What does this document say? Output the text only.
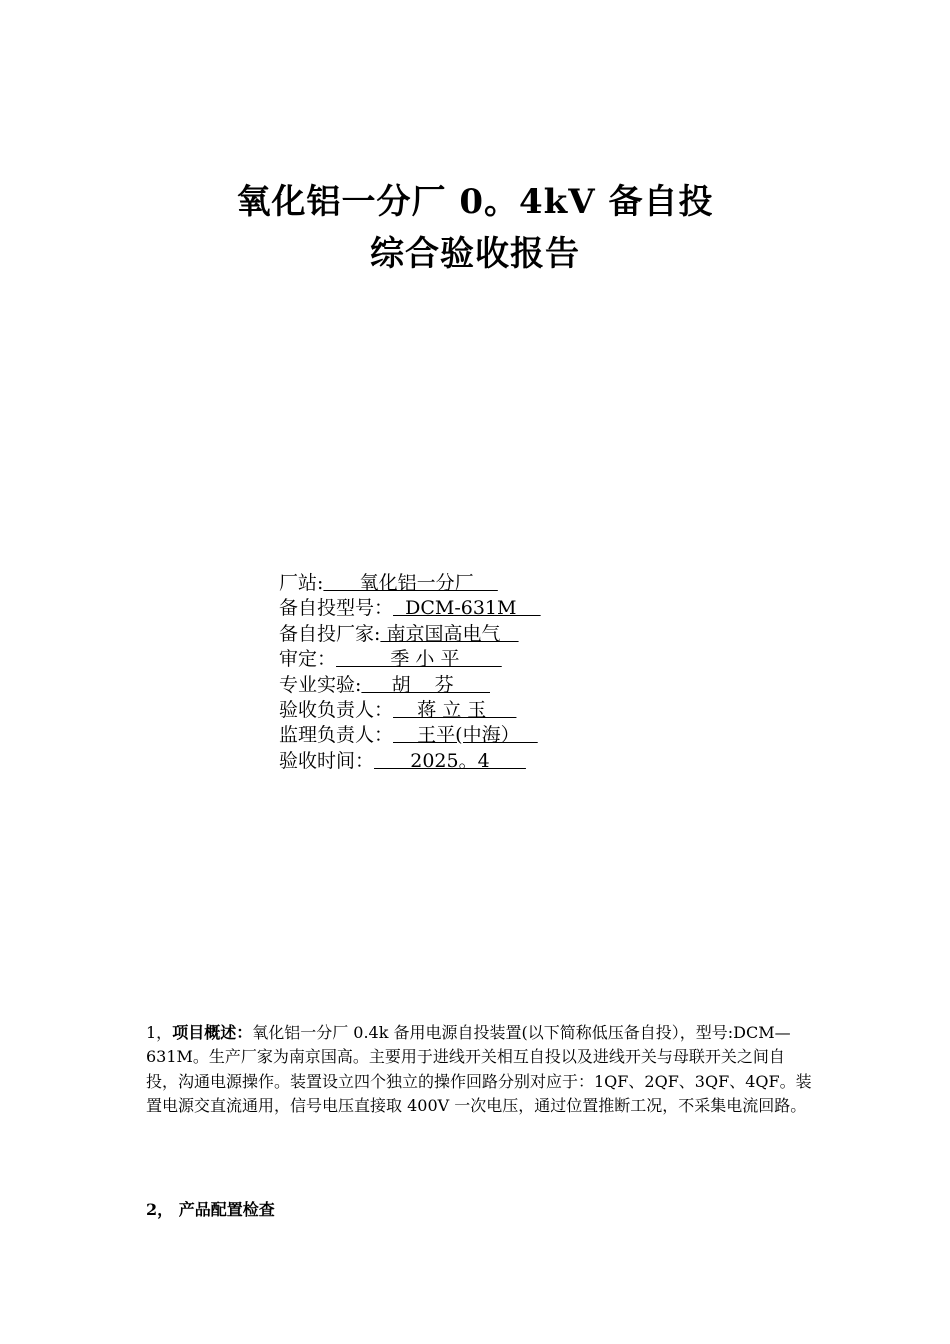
氧化铝一分厂 0。4kV 备自投
综合验收报告
厂站:      氧化铝一分厂
备自投型号：  DCM-631M
备自投厂家: 南京国高电气
审定：         季 小 平
专业实验:     胡    芬
验收负责人：    蒋 立 玉
监理负责人：    王平(中海）
验收时间：      2025。4
1，项目概述：氧化铝一分厂 0.4k 备用电源自投装置(以下简称低压备自投），型号:DCM—631M。生产厂家为南京国高。主要用于进线开关相互自投以及进线开关与母联开关之间自投，沟通电源操作。装置设立四个独立的操作回路分别对应于：1QF、2QF、3QF、4QF。装置电源交直流通用，信号电压直接取 400V 一次电压，通过位置推断工况，不采集电流回路。
2， 产品配置检查
